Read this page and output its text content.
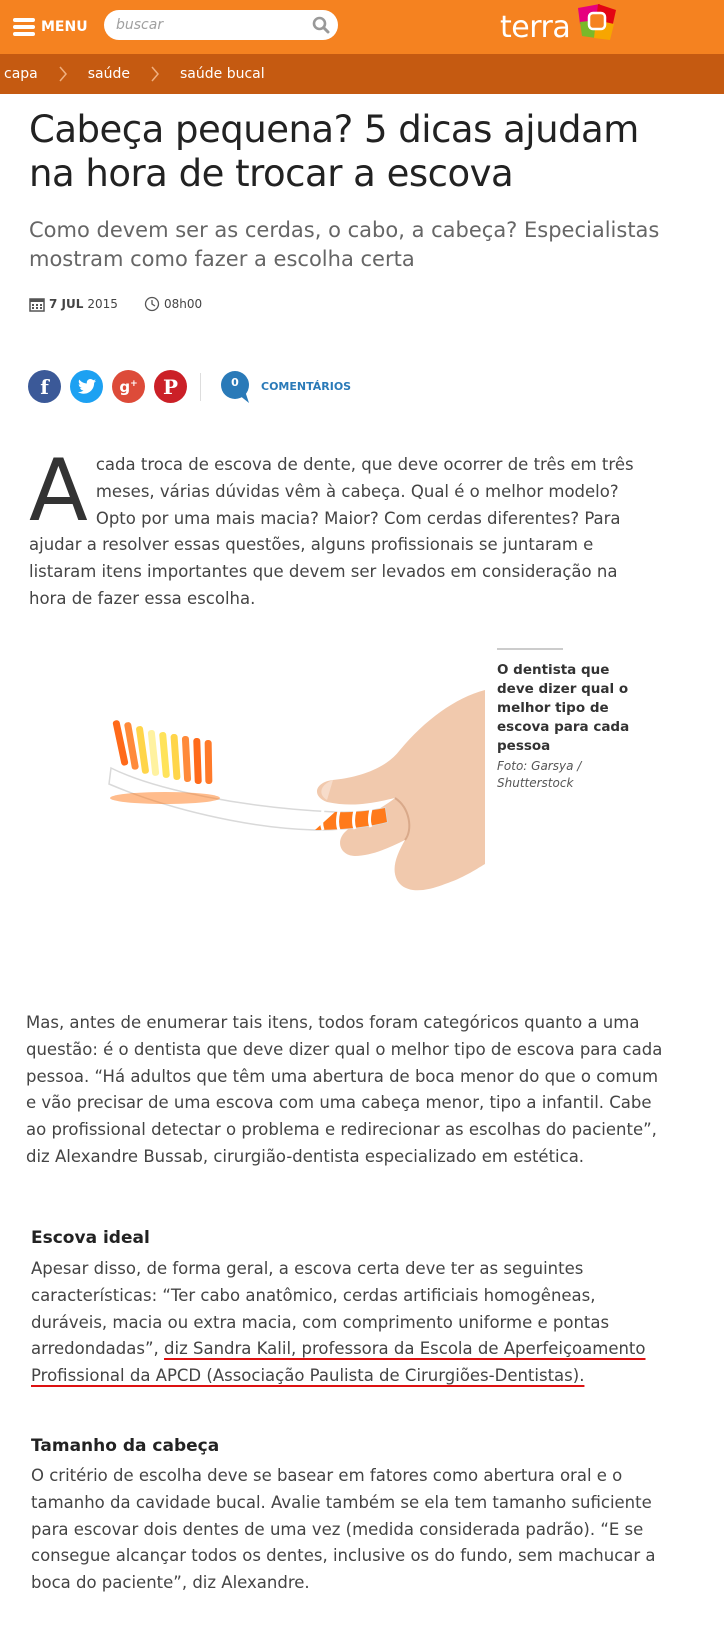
MENU
buscar	terra
capa	saúde	saúde bucal
Cabeça pequena? 5 dicas ajudam na hora de trocar a escova
Como devem ser as cerdas, o cabo, a cabeça? Especialistas mostram como fazer a escolha certa
7 JUL 2015	08h00
f	g+ P	0	COMENTÁRIOS

Acada troca de escova de dente, que deve ocorrer de três em três meses, várias dúvidas vêm à cabeça. Qual é o melhor modelo? Opto por uma mais macia? Maior? Com cerdas diferentes? Para ajudar a resolver essas questões, alguns profissionais se juntaram e listaram itens importantes que devem ser levados em consideração na hora de fazer essa escolha.

O dentista que deve dizer qual o melhor tipo de escova para cada pessoa

Foto: Garsya / Shutterstock

Mas, antes de enumerar tais itens, todos foram categóricos quanto a uma questão: é o dentista que deve dizer qual o melhor tipo de escova para cada pessoa. “Há adultos que têm uma abertura de boca menor do que o comum e vão precisar de uma escova com uma cabeça menor, tipo a infantil. Cabe ao profissional detectar o problema e redirecionar as escolhas do paciente”, diz Alexandre Bussab, cirurgião-dentista especializado em estética.

Escova ideal

Apesar disso, de forma geral, a escova certa deve ter as seguintes características: “Ter cabo anatômico, cerdas artificiais homogêneas, duráveis, macia ou extra macia, com comprimento uniforme e pontas arredondadas”, diz Sandra Kalil, professora da Escola de Aperfeiçoamento Profissional da APCD (Associação Paulista de Cirurgiões-Dentistas).

Tamanho da cabeça

O critério de escolha deve se basear em fatores como abertura oral e o tamanho da cavidade bucal. Avalie também se ela tem tamanho suficiente para escovar dois dentes de uma vez (medida considerada padrão). “E se consegue alcançar todos os dentes, inclusive os do fundo, sem machucar a boca do paciente”, diz Alexandre.
